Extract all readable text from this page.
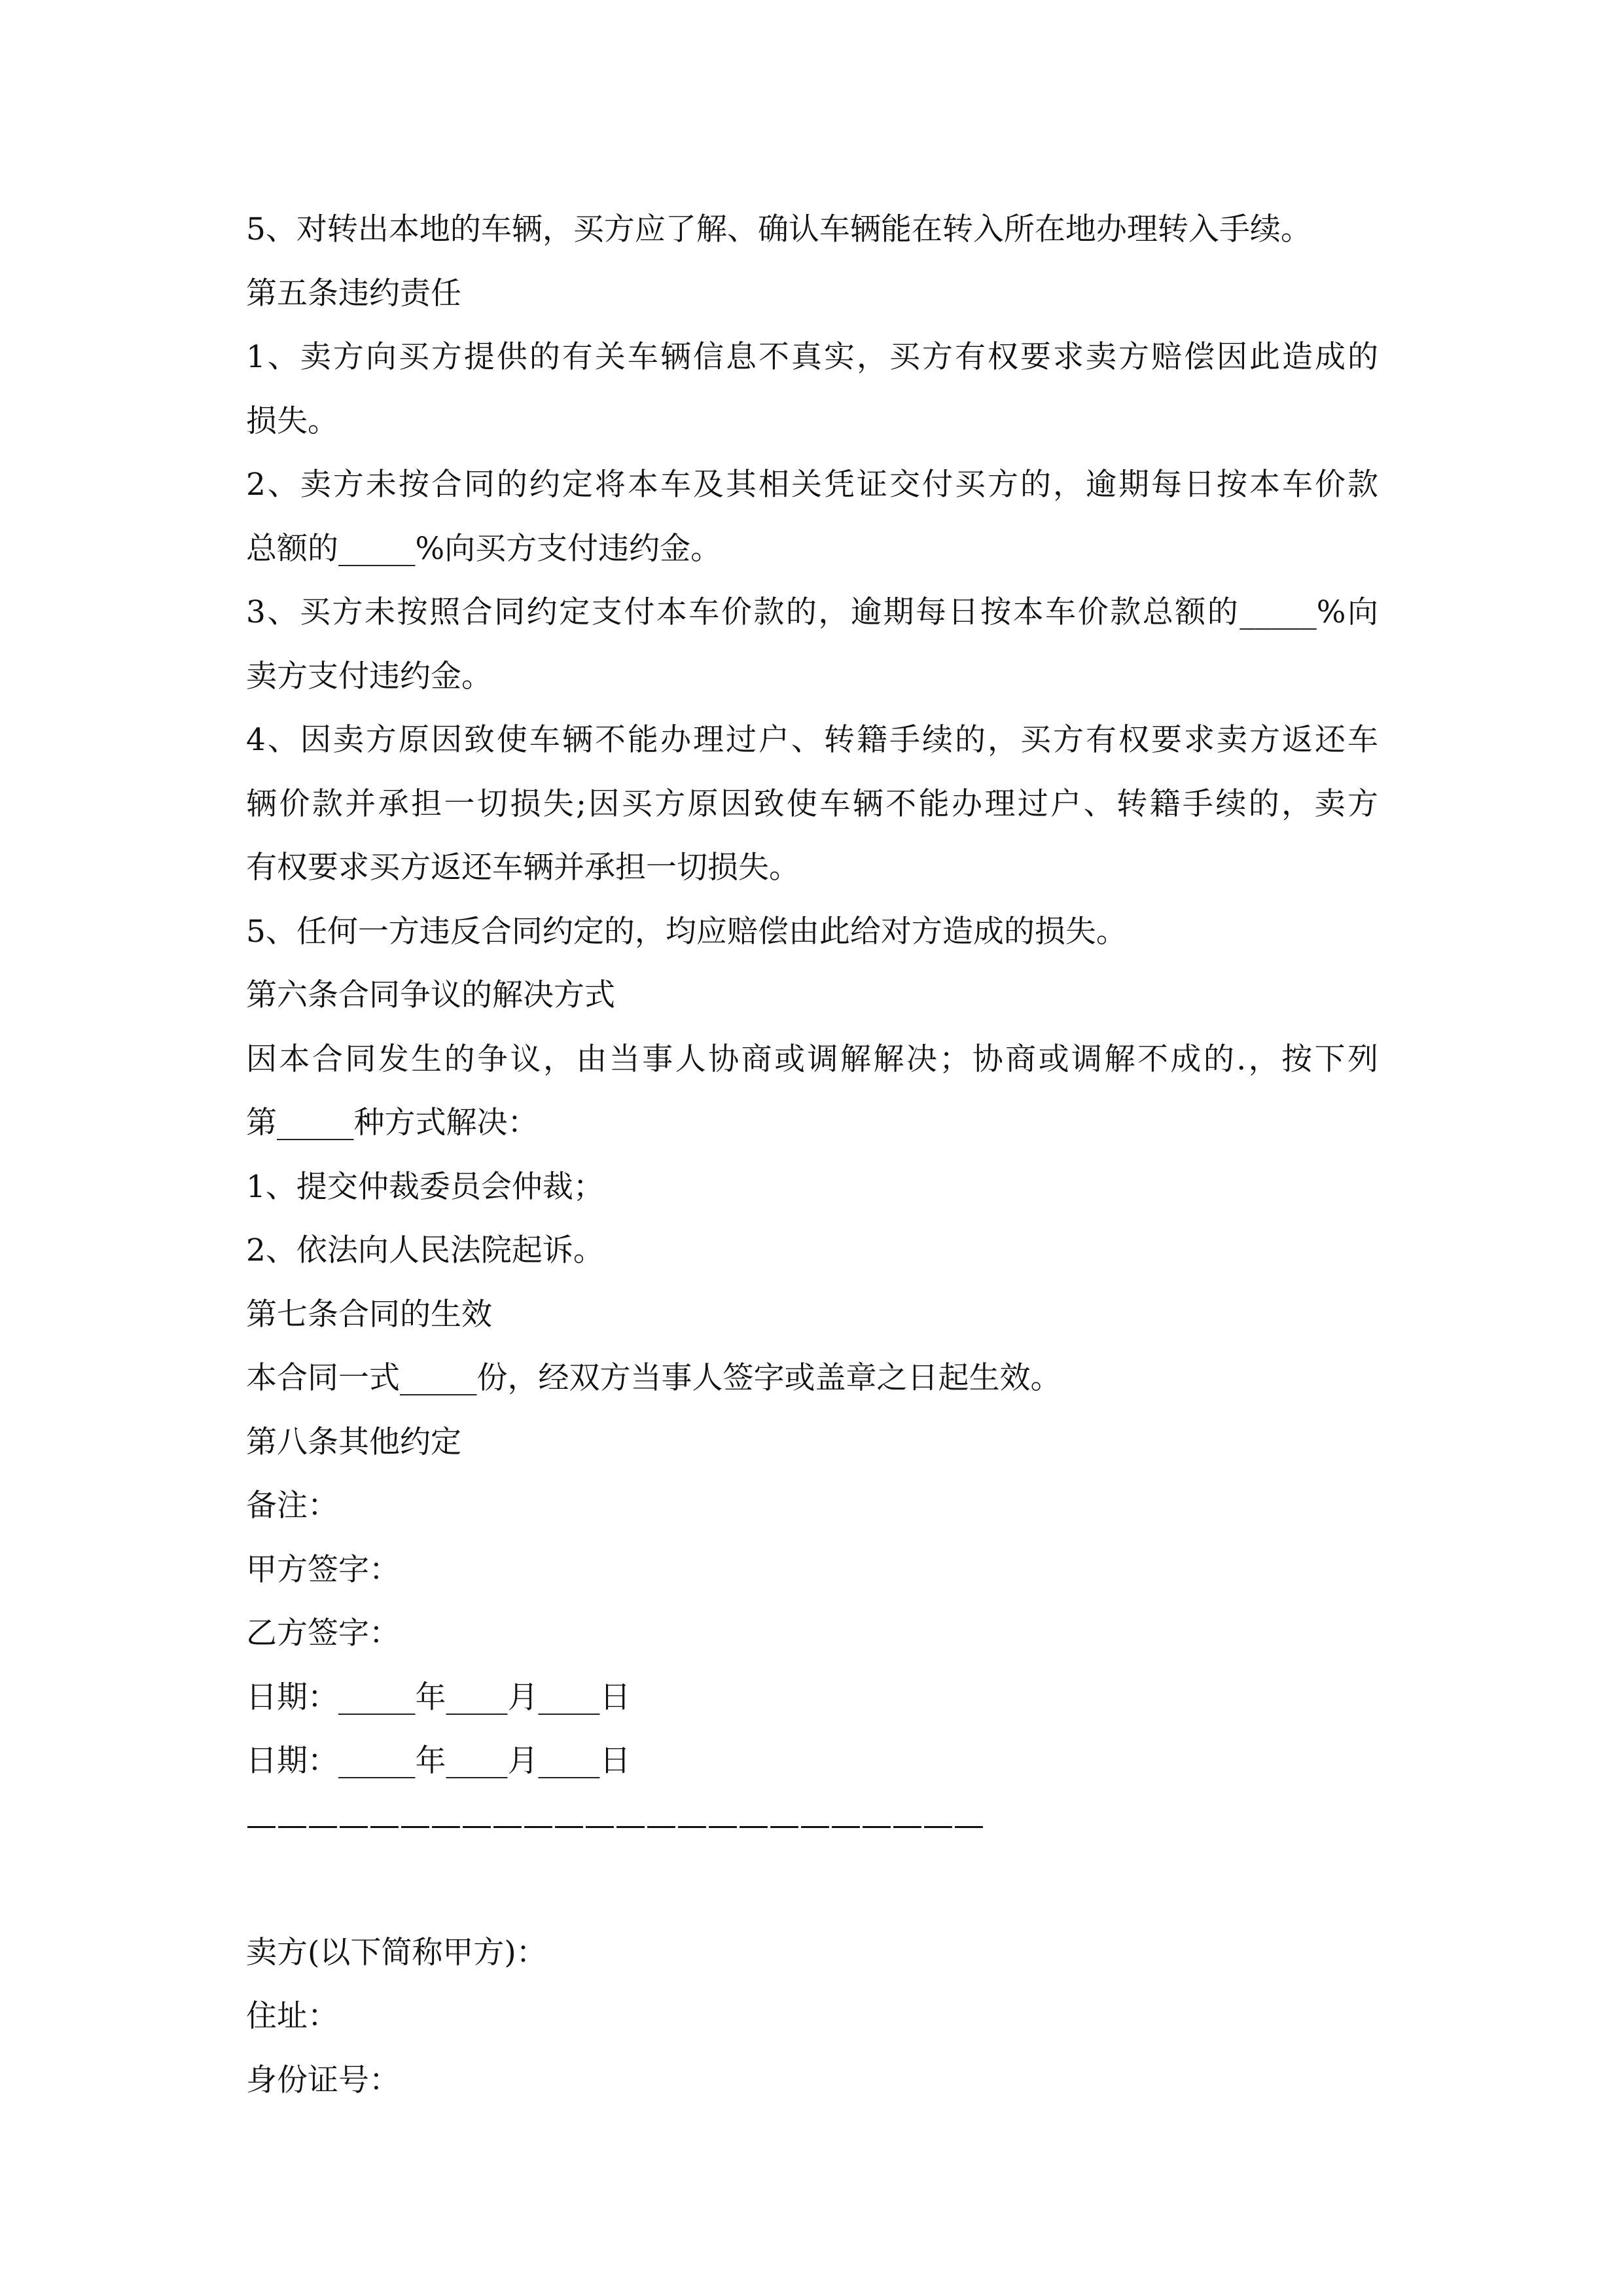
5、对转出本地的车辆，买方应了解、确认车辆能在转入所在地办理转入手续。
第五条违约责任
1、卖方向买方提供的有关车辆信息不真实，买方有权要求卖方赔偿因此造成的
损失。
2、卖方未按合同的约定将本车及其相关凭证交付买方的，逾期每日按本车价款
总额的_____%向买方支付违约金。
3、买方未按照合同约定支付本车价款的，逾期每日按本车价款总额的_____%向
卖方支付违约金。
4、因卖方原因致使车辆不能办理过户、转籍手续的，买方有权要求卖方返还车
辆价款并承担一切损失;因买方原因致使车辆不能办理过户、转籍手续的，卖方
有权要求买方返还车辆并承担一切损失。
5、任何一方违反合同约定的，均应赔偿由此给对方造成的损失。
第六条合同争议的解决方式
因本合同发生的争议，由当事人协商或调解解决；协商或调解不成的.，按下列
第_____种方式解决：
1、提交仲裁委员会仲裁；
2、依法向人民法院起诉。
第七条合同的生效
本合同一式_____份，经双方当事人签字或盖章之日起生效。
第八条其他约定
备注：
甲方签字：
乙方签字：
日期：_____年____月____日
日期：_____年____月____日
————————————————————————
卖方(以下简称甲方)：
住址：
身份证号：
